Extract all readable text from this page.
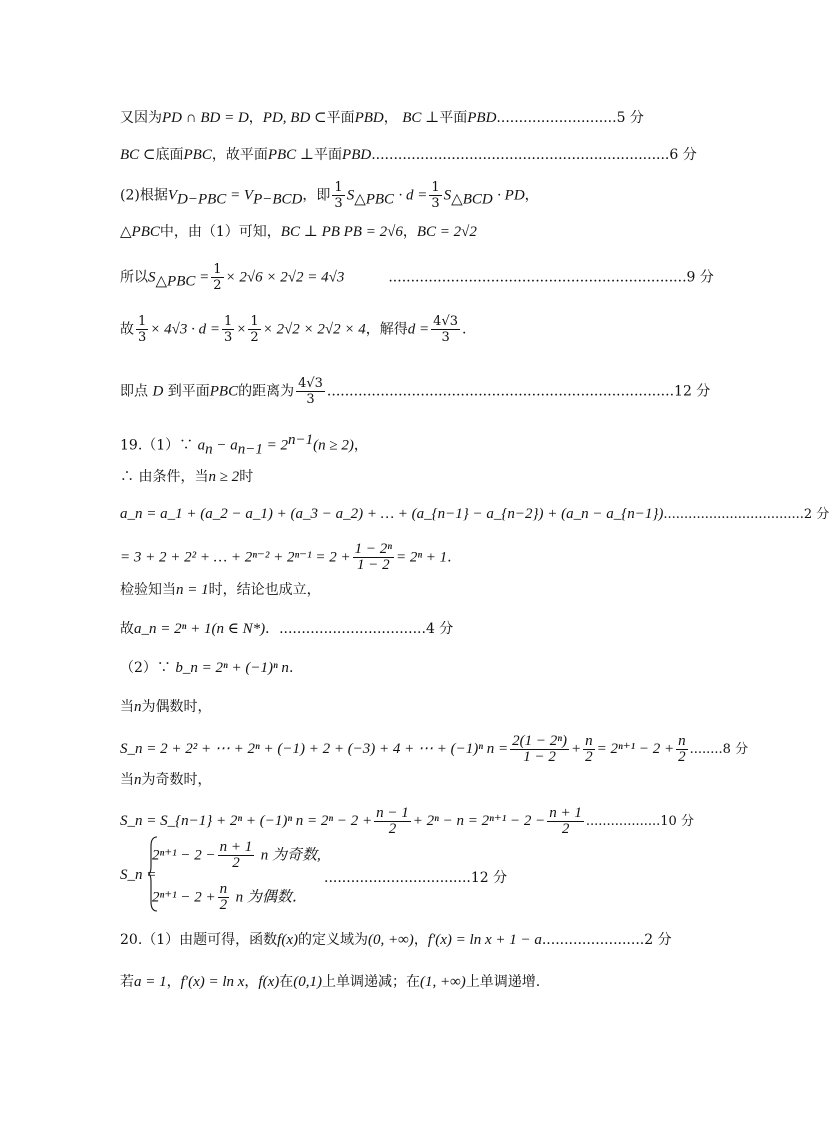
又因为PD ∩ BD = D，PD, BD ⊂平面PBD， BC ⊥平面PBD...........................5 分
BC ⊂底面PBC，故平面PBC ⊥平面PBD...................................................................6 分
(2)根据$V_{D-PBC} = V_{P-BCD}$，即 $\frac{1}{3} S_{\triangle PBC} \cdot d = \frac{1}{3} S_{\triangle BCD}$ · PD，
△PBC中，由（1）可知，BC ⊥ PB PB = 2√6，BC = 2√2
所以$S_{\triangle PBC} = \frac{1}{2} \times 2√6 \times 2√2 = 4√3$	...................................................................9 分
故 $\frac{1}{3} \times 4√3 \cdot d = \frac{1}{3} \times \frac{1}{2} \times 2√2 \times 2√2 \times 4$，解得$d = \frac{4√3}{3}$ .
即点 D 到平面PBC的距离为 $\frac{4√3}{3} ..............................................................................12$ 分
19.（1）∵ $a_n - a_{n-1} = 2^{n-1}(n \ge 2)$，
∴ 由条件，当n ≥ 2时
a_n = a_1 + (a_2 − a_1) + (a_3 − a_2) + … + (a_{n−1} − a_{n−2}) + (a_n − a_{n−1})..................................2 分
= 3 + 2 + 2² + … + $2^{n-2} + 2^{n-1} = 2 + \frac{\text{1 − 2ⁿ}}{1 - 2} = 2^n + 1$.
检验知当n = 1时，结论也成立，
故a_n = 2ⁿ + 1(n ∈ N*)．.................................4 分
（2）∵ b_n = 2ⁿ + (−1)ⁿ n.
当n为偶数时，
S_n = 2 + 2² + ⋯ + 2ⁿ + (−1) + 2 + (−3) + 4 + ⋯ + (−1)ⁿ $n = \frac{\text{2(1 − 2ⁿ)}}{1 - 2} + \frac{n}{2} = 2^{n+1} - 2 + \frac{n}{2} ........8$ 分
当n为奇数时，
S_n = S_{n−1} + 2ⁿ + (−1)ⁿ $n = 2^n - 2 + \frac{n - 1}{2} + 2^n - n = 2^{n+1} - 2 - \frac{n + 1}{2} ..................10$ 分
S_n =
$2^{n+1} - 2 - \frac{n + 1}{2}$ n 为奇数,
$2^{n+1} - 2 + \frac{n}{2}$ n 为偶数．
.................................12 分
20.（1）由题可得，函数f(x)的定义域为(0, +∞)，f′(x) = ln x + 1 − a.......................2 分
若a = 1，f′(x) = ln x，f(x)在(0,1)上单调递减；在(1, +∞)上单调递增.
